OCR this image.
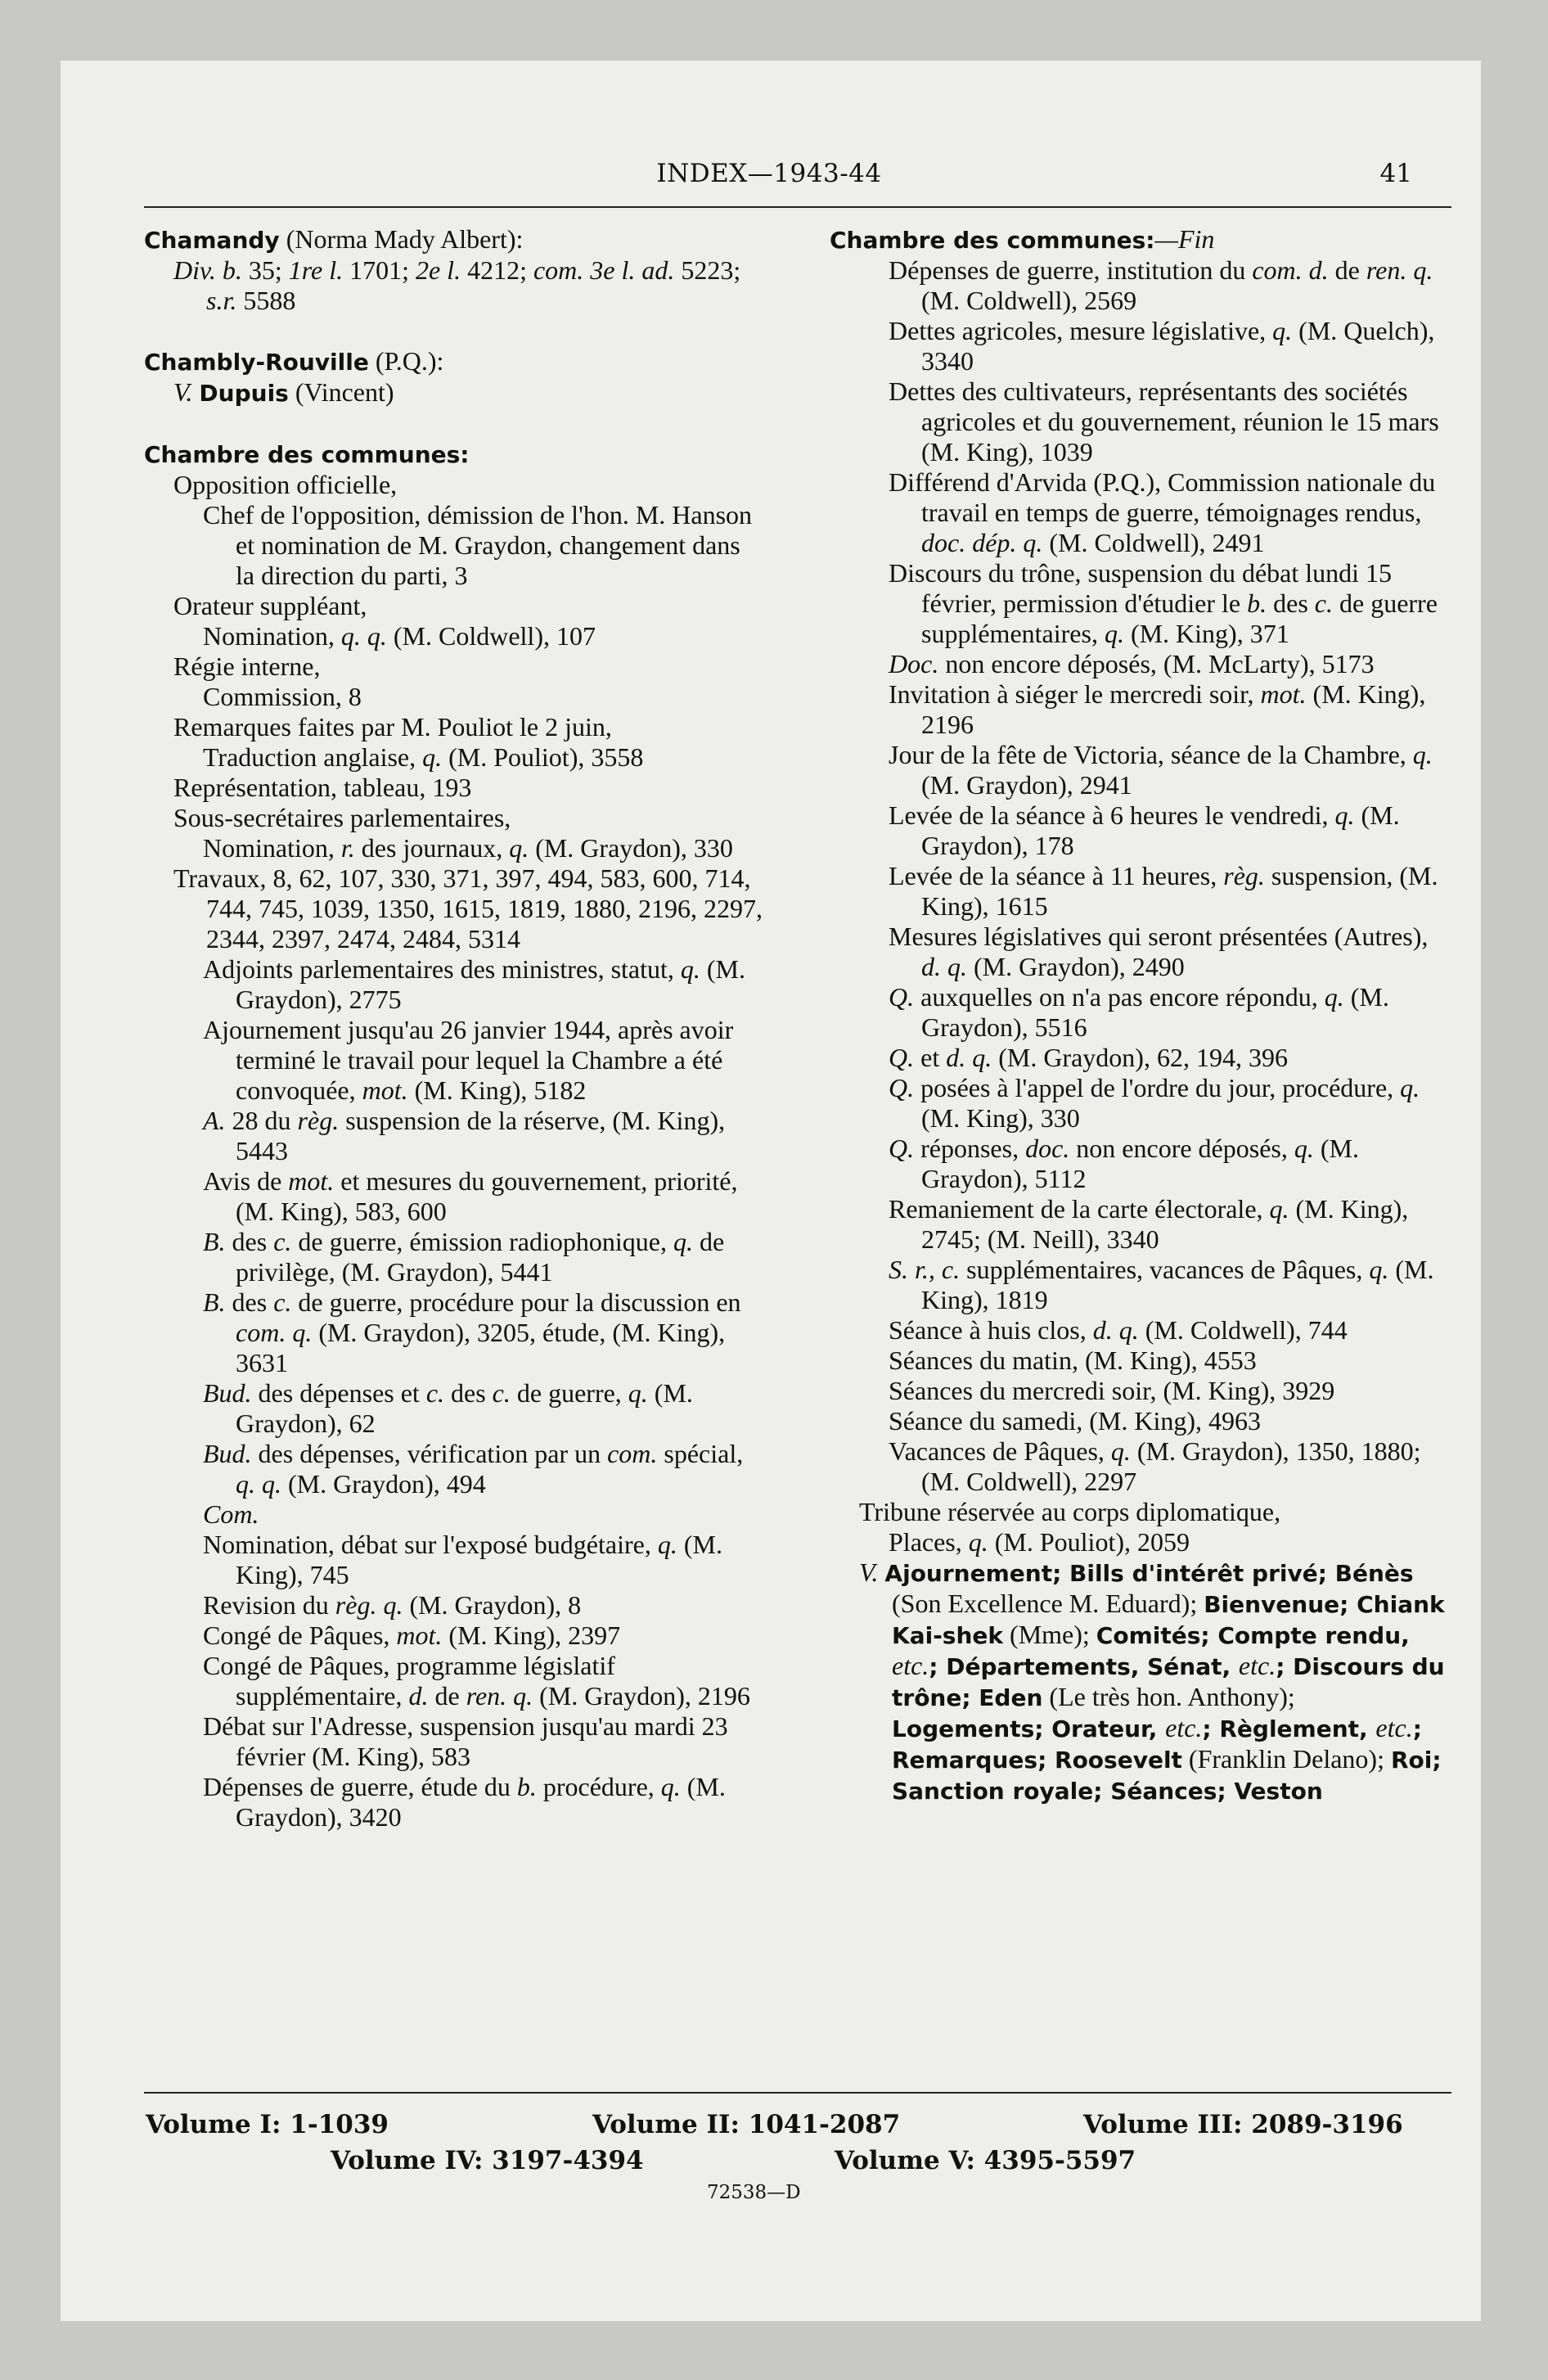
INDEX—1943-44	41
Chamandy (Norma Mady Albert):
Div. b. 35; 1re l. 1701; 2e l. 4212; com. 3e l. ad. 5223; s.r. 5588
Chambly-Rouville (P.Q.):
V. Dupuis (Vincent)
Chambre des communes:
Opposition officielle,
Chef de l'opposition, démission de l'hon. M. Hanson et nomination de M. Graydon, changement dans la direction du parti, 3
Orateur suppléant,
Nomination, q. q. (M. Coldwell), 107
Régie interne,
Commission, 8
Remarques faites par M. Pouliot le 2 juin,
Traduction anglaise, q. (M. Pouliot), 3558
Représentation, tableau, 193
Sous-secrétaires parlementaires,
Nomination, r. des journaux, q. (M. Graydon), 330
Travaux, 8, 62, 107, 330, 371, 397, 494, 583, 600, 714, 744, 745, 1039, 1350, 1615, 1819, 1880, 2196, 2297, 2344, 2397, 2474, 2484, 5314
Adjoints parlementaires des ministres, statut, q. (M. Graydon), 2775
Ajournement jusqu'au 26 janvier 1944, après avoir terminé le travail pour lequel la Chambre a été convoquée, mot. (M. King), 5182
A. 28 du règ. suspension de la réserve, (M. King), 5443
Avis de mot. et mesures du gouvernement, priorité, (M. King), 583, 600
B. des c. de guerre, émission radiophonique, q. de privilège, (M. Graydon), 5441
B. des c. de guerre, procédure pour la discussion en com. q. (M. Graydon), 3205, étude, (M. King), 3631
Bud. des dépenses et c. des c. de guerre, q. (M. Graydon), 62
Bud. des dépenses, vérification par un com. spécial, q. q. (M. Graydon), 494
Com.
Nomination, débat sur l'exposé budgétaire, q. (M. King), 745
Revision du règ. q. (M. Graydon), 8
Congé de Pâques, mot. (M. King), 2397
Congé de Pâques, programme législatif supplémentaire, d. de ren. q. (M. Graydon), 2196
Débat sur l'Adresse, suspension jusqu'au mardi 23 février (M. King), 583
Dépenses de guerre, étude du b. procédure, q. (M. Graydon), 3420
Chambre des communes:—Fin
Dépenses de guerre, institution du com. d. de ren. q. (M. Coldwell), 2569
Dettes agricoles, mesure législative, q. (M. Quelch), 3340
Dettes des cultivateurs, représentants des sociétés agricoles et du gouvernement, réunion le 15 mars (M. King), 1039
Différend d'Arvida (P.Q.), Commission nationale du travail en temps de guerre, témoignages rendus, doc. dép. q. (M. Coldwell), 2491
Discours du trône, suspension du débat lundi 15 février, permission d'étudier le b. des c. de guerre supplémentaires, q. (M. King), 371
Doc. non encore déposés, (M. McLarty), 5173
Invitation à siéger le mercredi soir, mot. (M. King), 2196
Jour de la fête de Victoria, séance de la Chambre, q. (M. Graydon), 2941
Levée de la séance à 6 heures le vendredi, q. (M. Graydon), 178
Levée de la séance à 11 heures, règ. suspension, (M. King), 1615
Mesures législatives qui seront présentées (Autres), d. q. (M. Graydon), 2490
Q. auxquelles on n'a pas encore répondu, q. (M. Graydon), 5516
Q. et d. q. (M. Graydon), 62, 194, 396
Q. posées à l'appel de l'ordre du jour, procédure, q. (M. King), 330
Q. réponses, doc. non encore déposés, q. (M. Graydon), 5112
Remaniement de la carte électorale, q. (M. King), 2745; (M. Neill), 3340
S. r., c. supplémentaires, vacances de Pâques, q. (M. King), 1819
Séance à huis clos, d. q. (M. Coldwell), 744
Séances du matin, (M. King), 4553
Séances du mercredi soir, (M. King), 3929
Séance du samedi, (M. King), 4963
Vacances de Pâques, q. (M. Graydon), 1350, 1880; (M. Coldwell), 2297
Tribune réservée au corps diplomatique,
Places, q. (M. Pouliot), 2059
V. Ajournement; Bills d'intérêt privé; Bénès (Son Excellence M. Eduard); Bienvenue; Chiank Kai-shek (Mme); Comités; Compte rendu, etc.; Départements, Sénat, etc.; Discours du trône; Eden (Le très hon. Anthony); Logements; Orateur, etc.; Règlement, etc.; Remarques; Roosevelt (Franklin Delano); Roi; Sanction royale; Séances; Veston
Volume I: 1-1039	Volume II: 1041-2087	Volume III: 2089-3196
Volume IV: 3197-4394	Volume V: 4395-5597
72538—D
